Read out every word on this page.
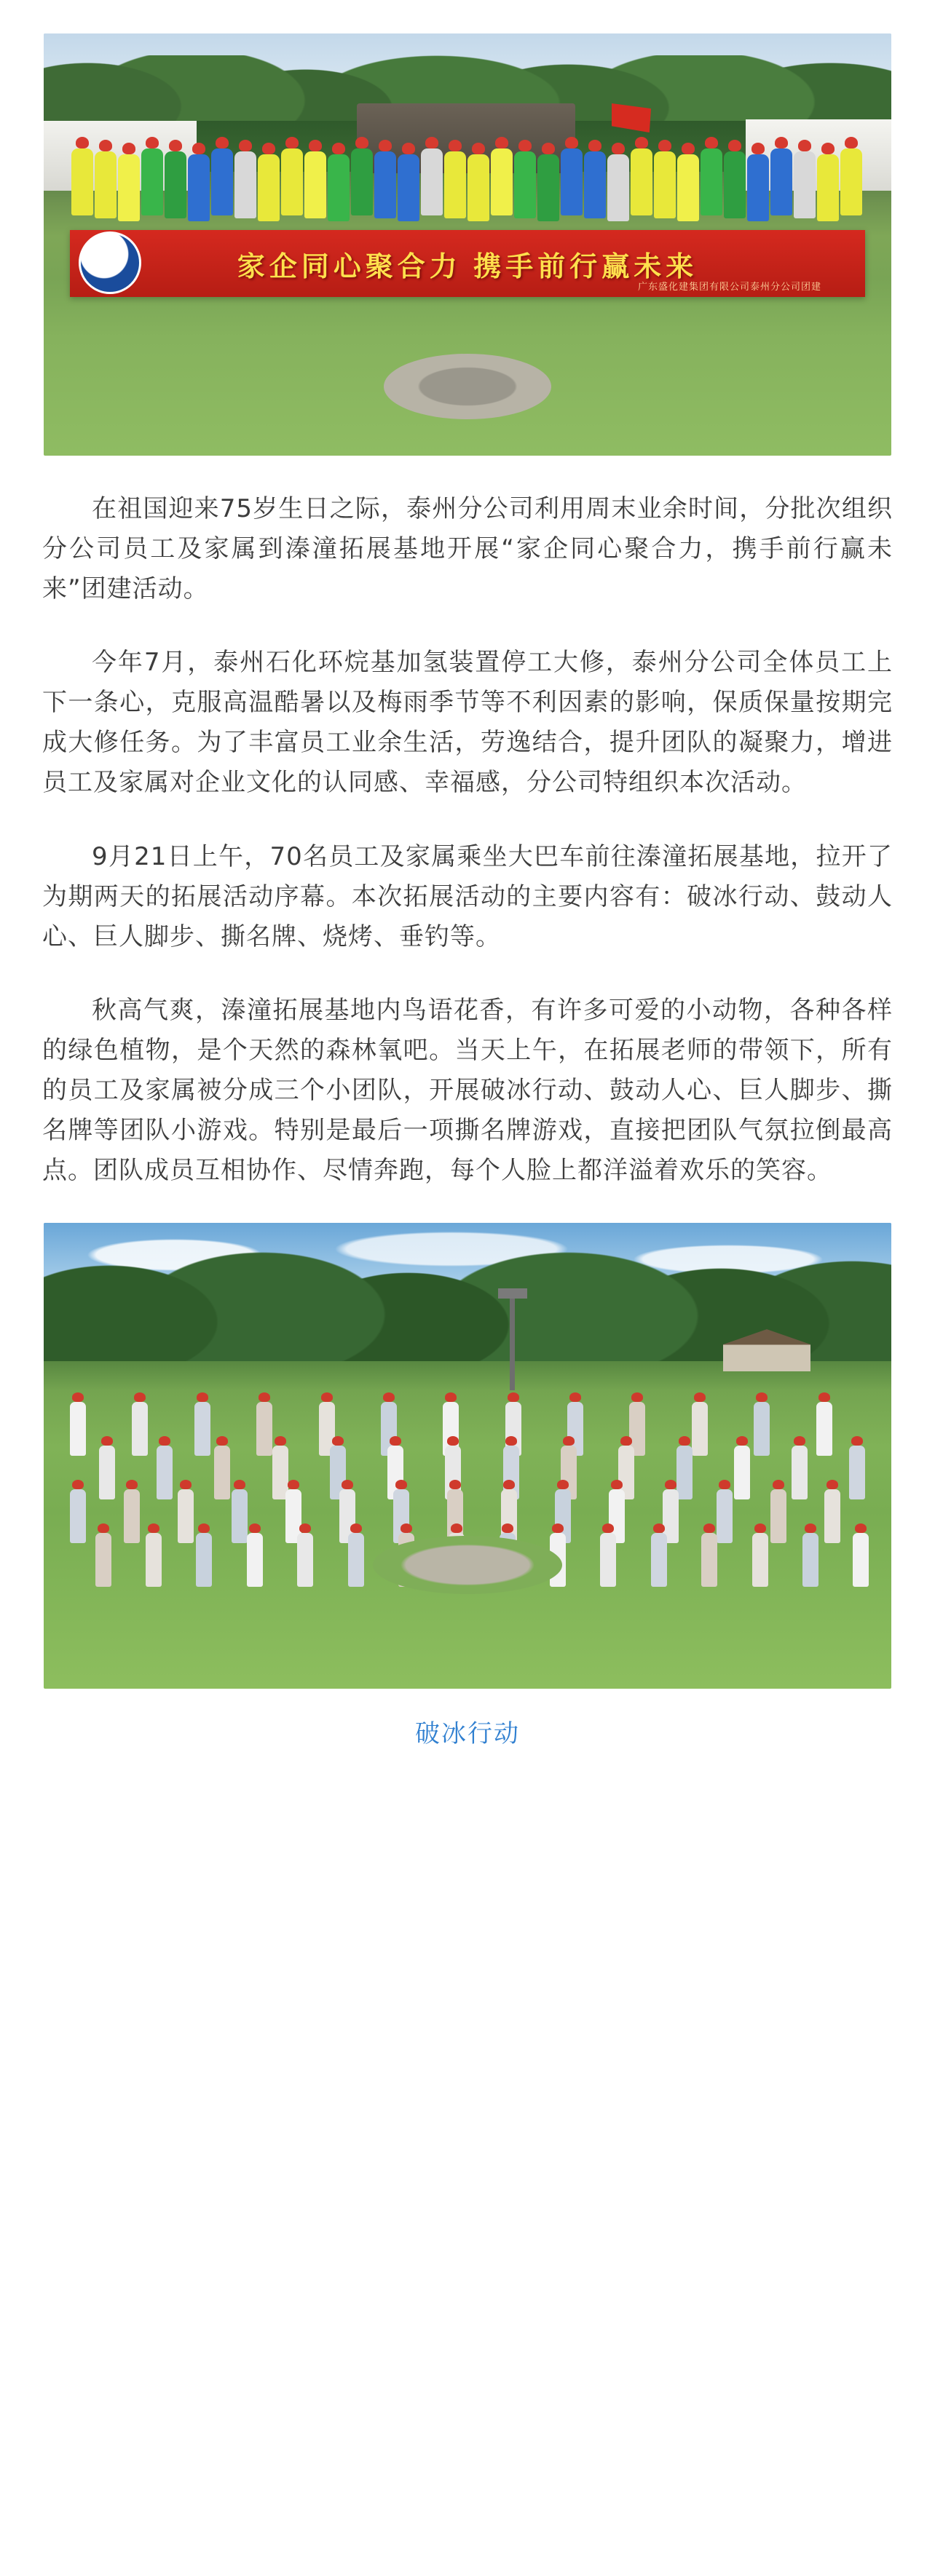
家企同心聚合力 携手前行赢未来
广东盛化建集团有限公司泰州分公司团建

在祖国迎来75岁生日之际，泰州分公司利用周末业余时间，分批次组织分公司员工及家属到溱潼拓展基地开展“家企同心聚合力，携手前行赢未来”团建活动。

今年7月，泰州石化环烷基加氢装置停工大修，泰州分公司全体员工上下一条心，克服高温酷暑以及梅雨季节等不利因素的影响，保质保量按期完成大修任务。为了丰富员工业余生活，劳逸结合，提升团队的凝聚力，增进员工及家属对企业文化的认同感、幸福感，分公司特组织本次活动。

9月21日上午，70名员工及家属乘坐大巴车前往溱潼拓展基地，拉开了为期两天的拓展活动序幕。本次拓展活动的主要内容有：破冰行动、鼓动人心、巨人脚步、撕名牌、烧烤、垂钓等。

秋高气爽，溱潼拓展基地内鸟语花香，有许多可爱的小动物，各种各样的绿色植物，是个天然的森林氧吧。当天上午，在拓展老师的带领下，所有的员工及家属被分成三个小团队，开展破冰行动、鼓动人心、巨人脚步、撕名牌等团队小游戏。特别是最后一项撕名牌游戏，直接把团队气氛拉倒最高点。团队成员互相协作、尽情奔跑，每个人脸上都洋溢着欢乐的笑容。

破冰行动
